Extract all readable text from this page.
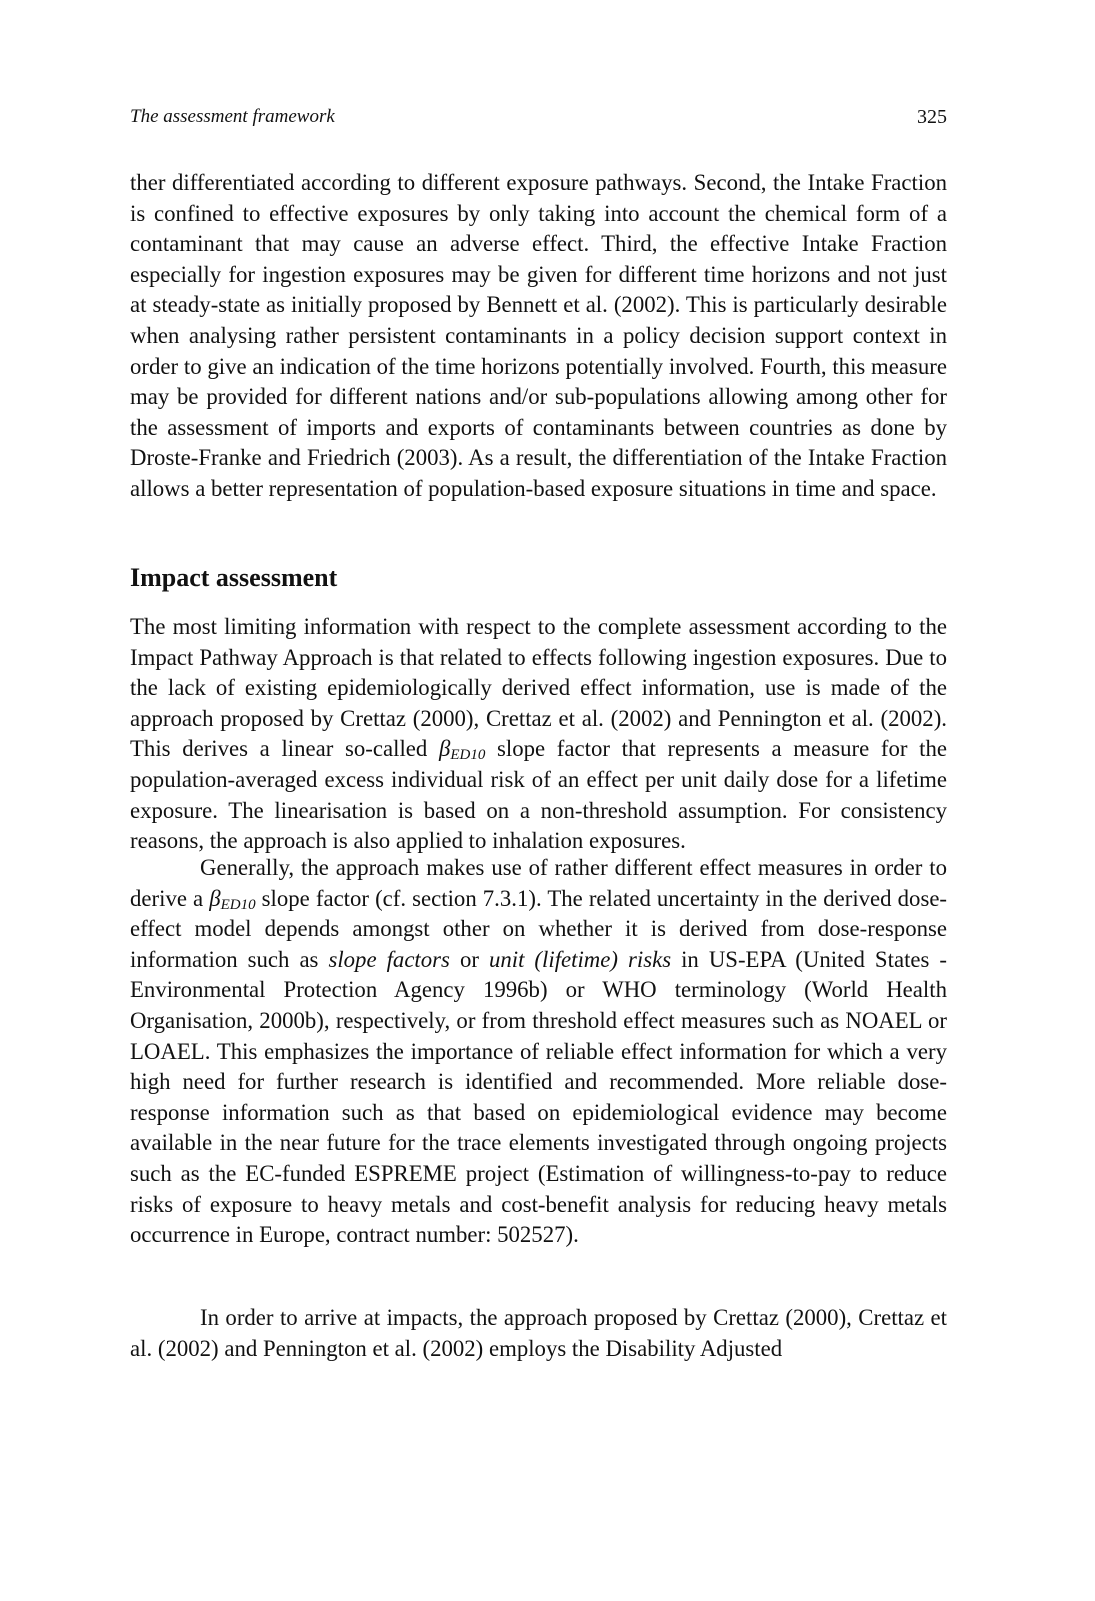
The assessment framework	325

ther differentiated according to different exposure pathways. Second, the Intake Fraction is confined to effective exposures by only taking into account the chemical form of a contaminant that may cause an adverse effect. Third, the effective Intake Fraction especially for ingestion exposures may be given for different time horizons and not just at steady-state as initially proposed by Bennett et al. (2002). This is particularly desirable when analysing rather persistent contaminants in a policy decision support context in order to give an indication of the time horizons potentially involved. Fourth, this measure may be provided for different nations and/or sub-populations allowing among other for the assessment of imports and exports of contaminants between countries as done by Droste-Franke and Friedrich (2003). As a result, the differentiation of the Intake Fraction allows a better representation of population-based exposure situations in time and space.

Impact assessment

The most limiting information with respect to the complete assessment according to the Impact Pathway Approach is that related to effects following ingestion exposures. Due to the lack of existing epidemiologically derived effect information, use is made of the approach proposed by Crettaz (2000), Crettaz et al. (2002) and Pennington et al. (2002). This derives a linear so-called $\beta_{ED10}$ slope factor that represents a measure for the population-averaged excess individual risk of an effect per unit daily dose for a lifetime exposure. The linearisation is based on a non-threshold assumption. For consistency reasons, the approach is also applied to inhalation exposures.

Generally, the approach makes use of rather different effect measures in order to derive a $\beta_{ED10}$ slope factor (cf. section 7.3.1). The related uncertainty in the derived dose-effect model depends amongst other on whether it is derived from dose-response information such as slope factors or unit (lifetime) risks in US-EPA (United States - Environmental Protection Agency 1996b) or WHO terminology (World Health Organisation, 2000b), respectively, or from threshold effect measures such as NOAEL or LOAEL. This emphasizes the importance of reliable effect information for which a very high need for further research is identified and recommended. More reliable dose-response information such as that based on epidemiological evidence may become available in the near future for the trace elements investigated through ongoing projects such as the EC-funded ESPREME project (Estimation of willingness-to-pay to reduce risks of exposure to heavy metals and cost-benefit analysis for reducing heavy metals occurrence in Europe, contract number: 502527).

In order to arrive at impacts, the approach proposed by Crettaz (2000), Crettaz et al. (2002) and Pennington et al. (2002) employs the Disability Adjusted
